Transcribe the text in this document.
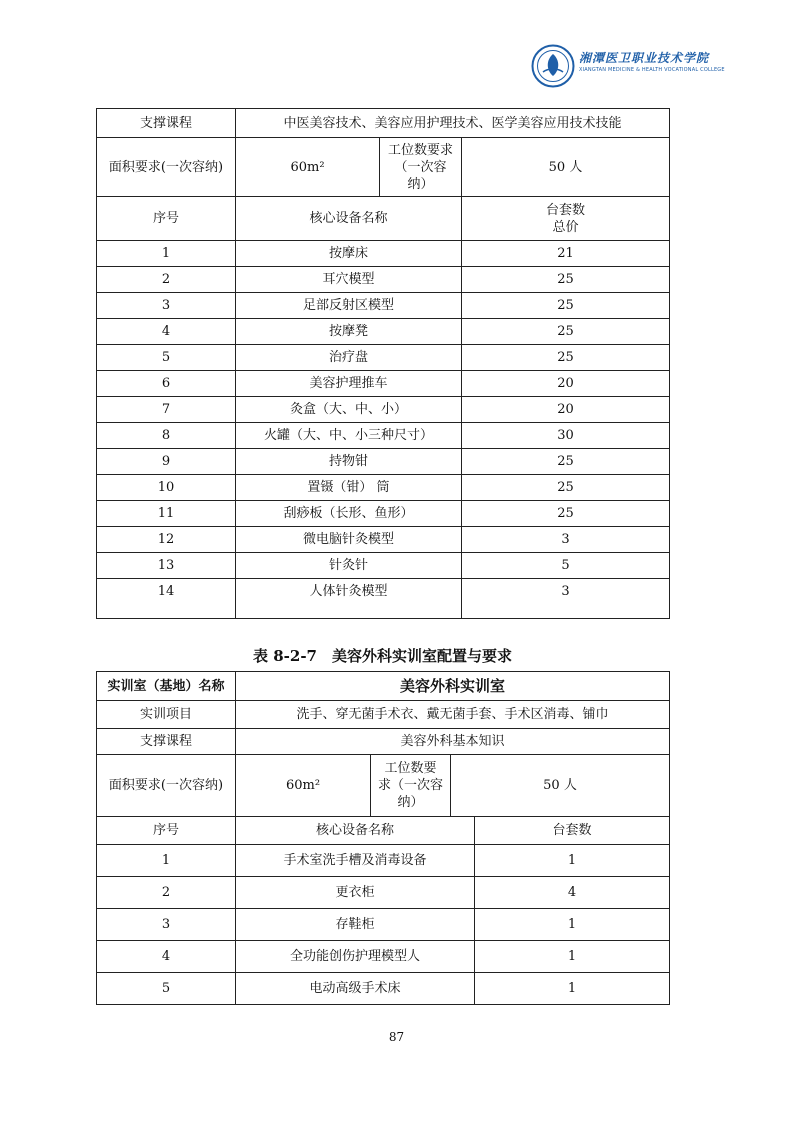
湘潭医卫职业技术学院
XIANGTAN MEDICINE & HEALTH VOCATIONAL COLLEGE
支撑课程	中医美容技术、美容应用护理技术、医学美容应用技术技能		
面积要求(一次容纳)	60m²	工位数要求
（一次容
纳）	50 人
序号	核心设备名称		台套数
总价

1	按摩床		21
2	耳穴模型		25
3	足部反射区模型		25
4	按摩凳		25
5	治疗盘		25
6	美容护理推车		20
7	灸盒（大、中、小）		20
8	火罐（大、中、小三种尺寸）		30
9	持物钳		25
10	置镊（钳） 筒		25
11	刮痧板（长形、鱼形）		25
12	微电脑针灸模型		3
13	针灸针		5
14	人体针灸模型		3
表 8-2-7　美容外科实训室配置与要求
实训室（基地）名称	美容外科实训室			
实训项目	洗手、穿无菌手术衣、戴无菌手套、手术区消毒、铺巾			
支撑课程	美容外科基本知识			
面积要求(一次容纳)	60m²	工位数要
求（一次容
纳）	50 人	
序号	核心设备名称			台套数
1	手术室洗手槽及消毒设备			1
2	更衣柜			4
3	存鞋柜			1
4	全功能创伤护理模型人			1
5	电动高级手术床			1
87
